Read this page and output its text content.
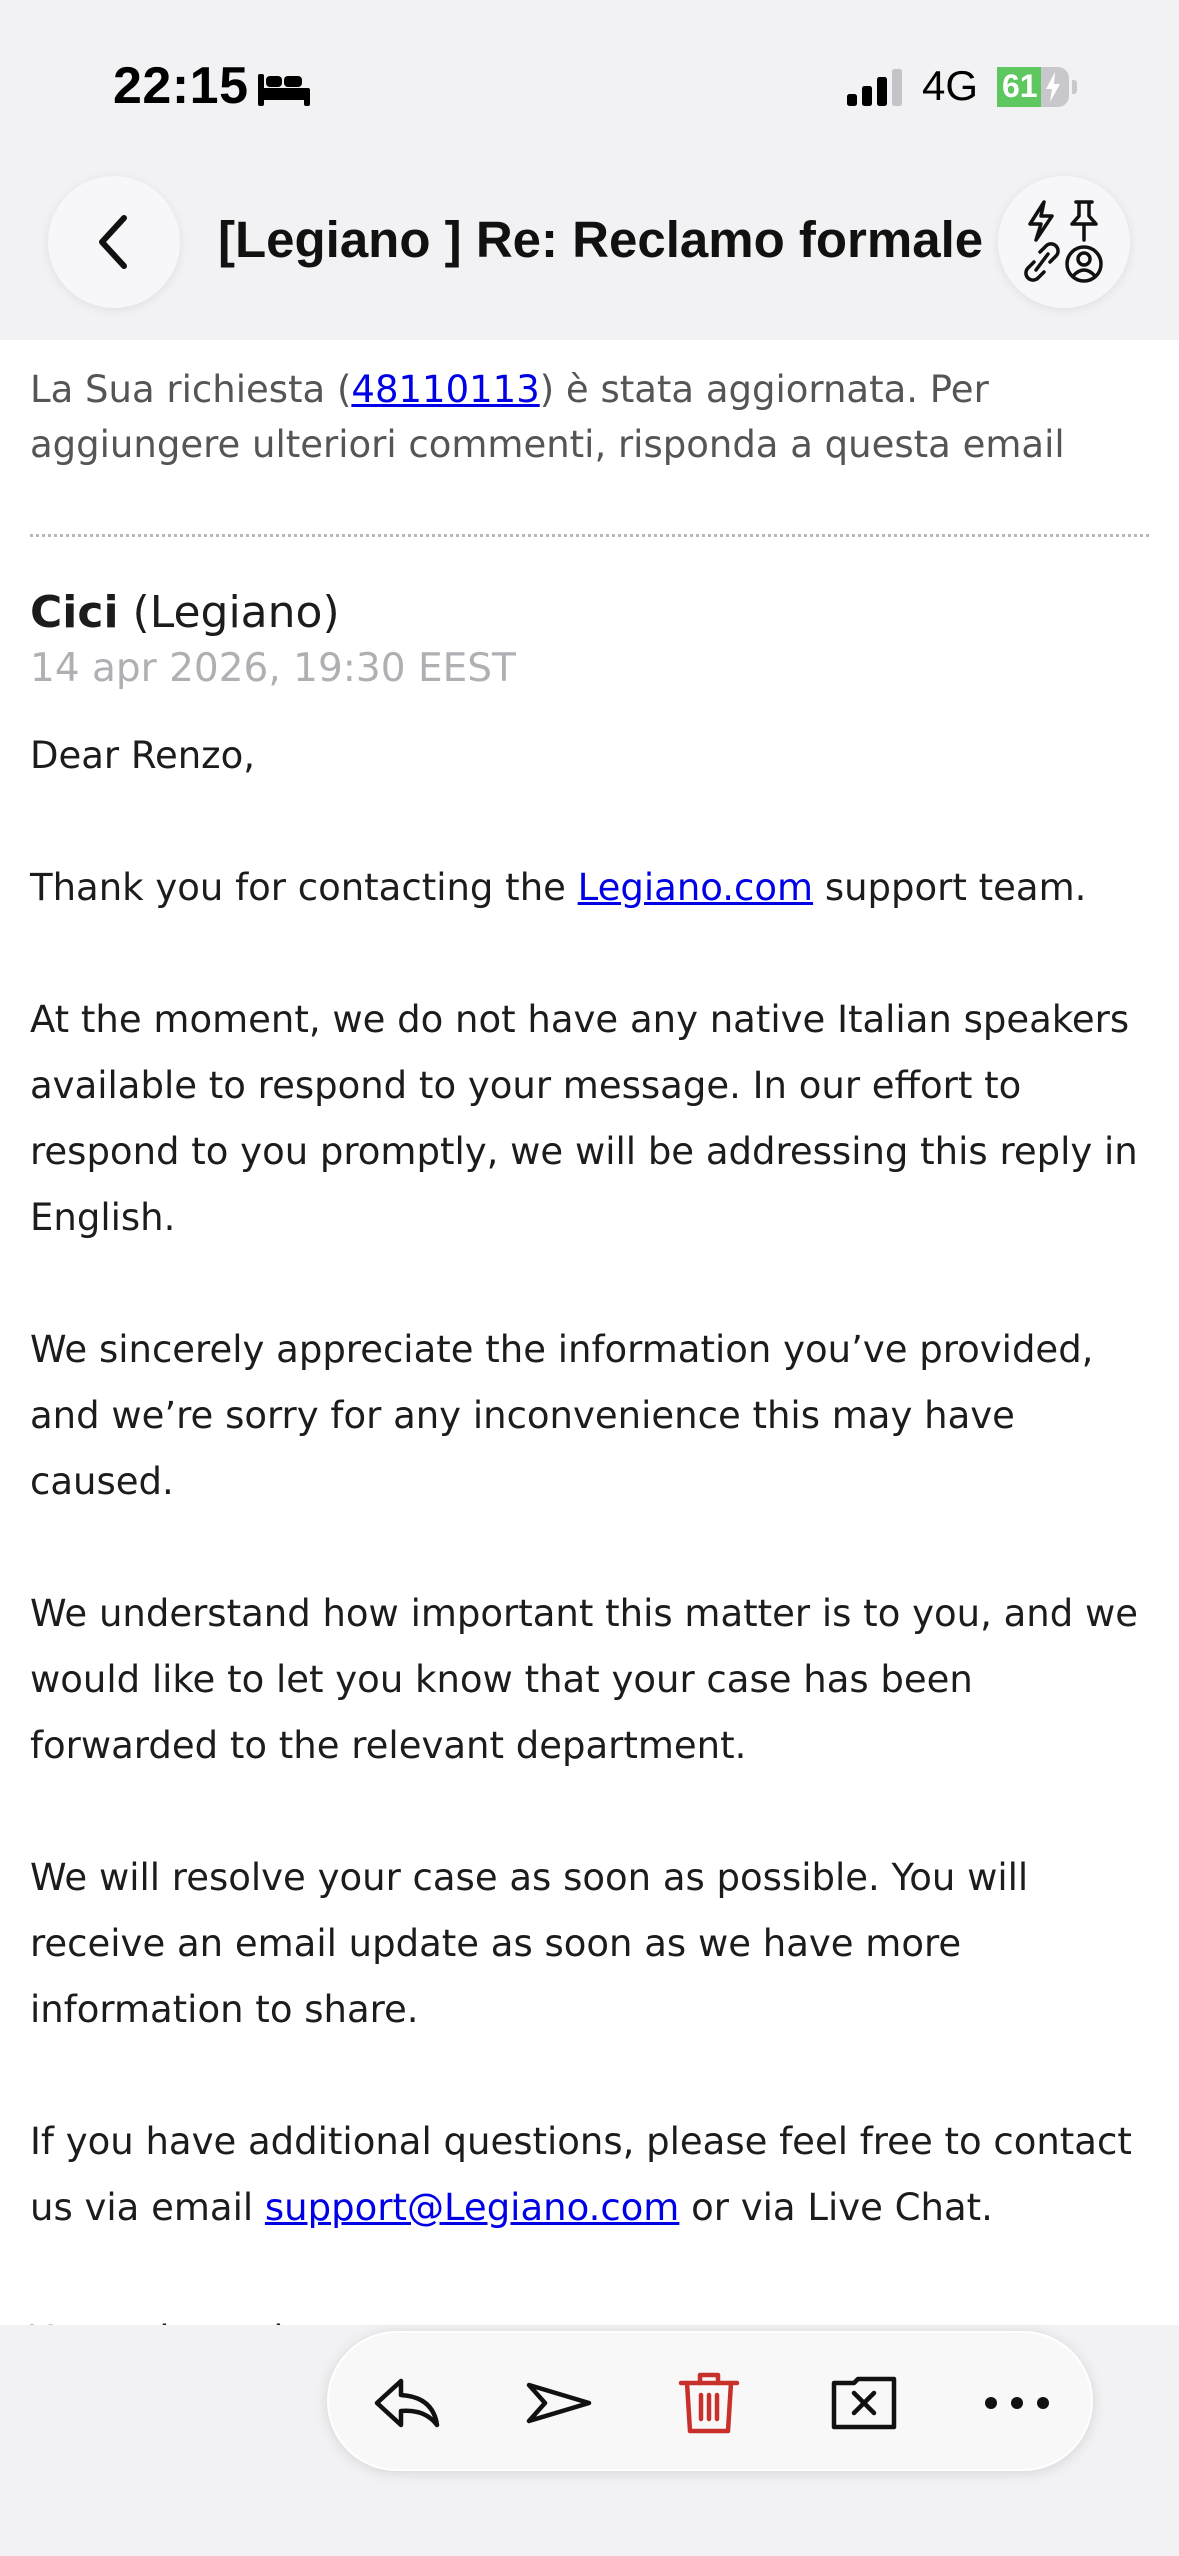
22:15	4G 61
[Legiano ] Re: Reclamo formale
La Sua richiesta (48110113) è stata aggiornata. Per aggiungere ulteriori commenti, risponda a questa email
Cici (Legiano)
14 apr 2026, 19:30 EEST

Dear Renzo,

Thank you for contacting the Legiano.com support team.

At the moment, we do not have any native Italian speakers available to respond to your message. In our effort to respond to you promptly, we will be addressing this reply in English.

We sincerely appreciate the information you’ve provided, and we’re sorry for any inconvenience this may have caused.

We understand how important this matter is to you, and we would like to let you know that your case has been forwarded to the relevant department.

We will resolve your case as soon as possible. You will receive an email update as soon as we have more information to share.

If you have additional questions, please feel free to contact us via email support@Legiano.com or via Live Chat.
